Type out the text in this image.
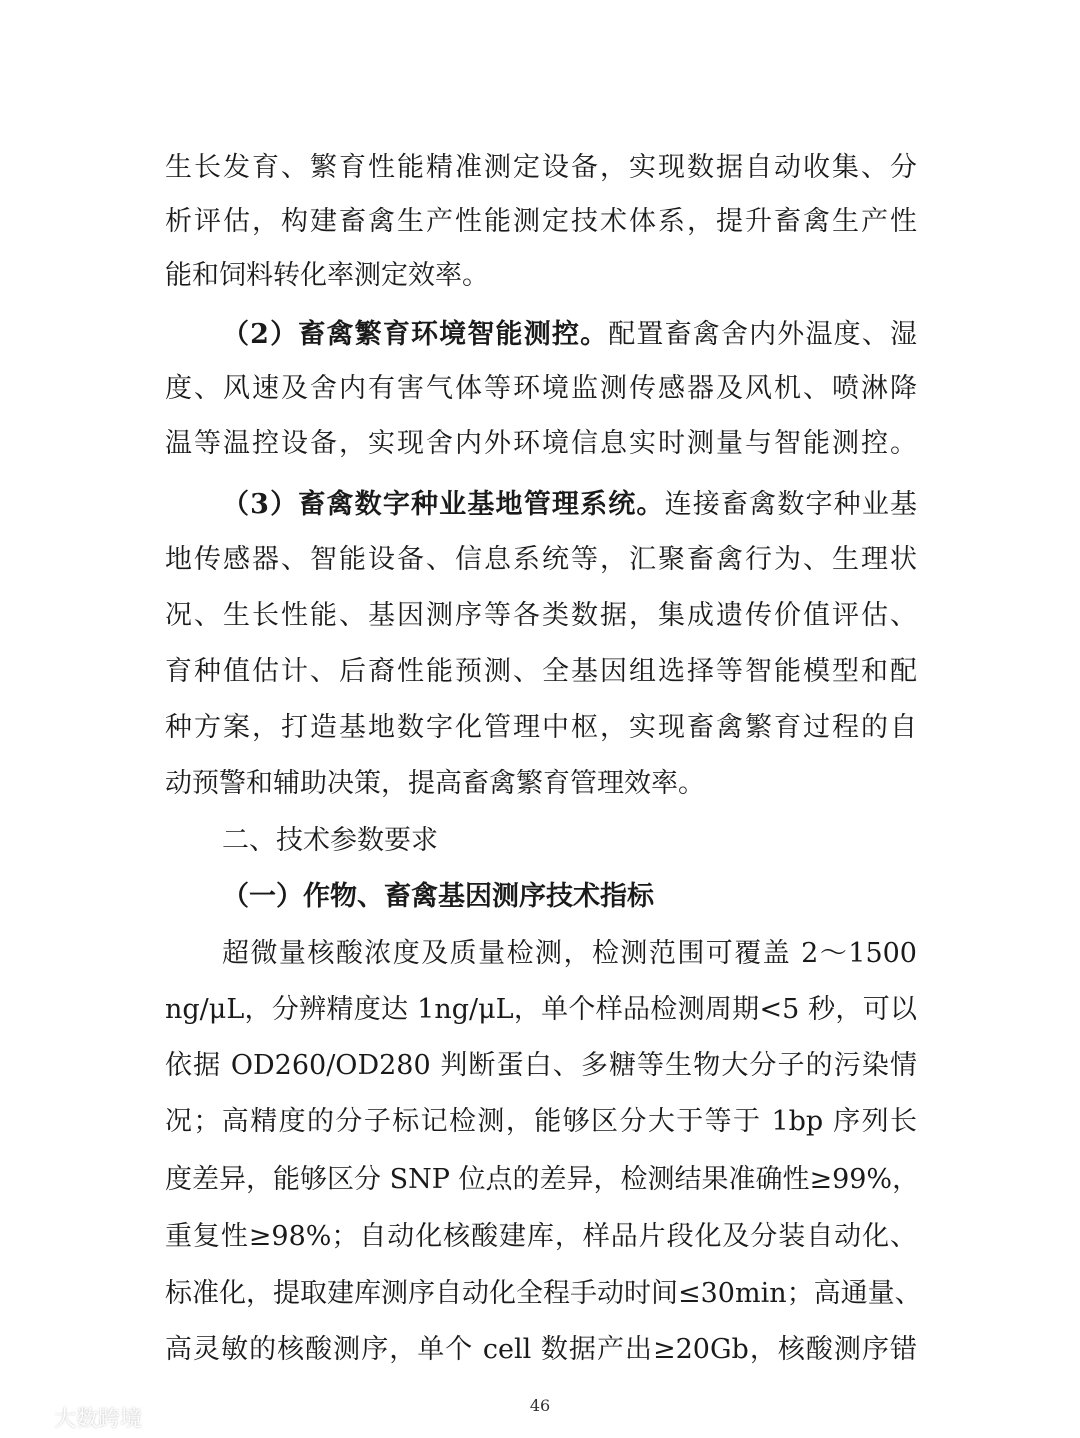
生长发育、繁育性能精准测定设备，实现数据自动收集、分
析评估，构建畜禽生产性能测定技术体系，提升畜禽生产性
能和饲料转化率测定效率。
（2）畜禽繁育环境智能测控。配置畜禽舍内外温度、湿
度、风速及舍内有害气体等环境监测传感器及风机、喷淋降
温等温控设备，实现舍内外环境信息实时测量与智能测控。
（3）畜禽数字种业基地管理系统。连接畜禽数字种业基
地传感器、智能设备、信息系统等，汇聚畜禽行为、生理状
况、生长性能、基因测序等各类数据，集成遗传价值评估、
育种值估计、后裔性能预测、全基因组选择等智能模型和配
种方案，打造基地数字化管理中枢，实现畜禽繁育过程的自
动预警和辅助决策，提高畜禽繁育管理效率。
二、技术参数要求
（一）作物、畜禽基因测序技术指标
超微量核酸浓度及质量检测，检测范围可覆盖 2～1500
ng/μL，分辨精度达 1ng/μL，单个样品检测周期<5 秒，可以
依据 OD260/OD280 判断蛋白、多糖等生物大分子的污染情
况；高精度的分子标记检测，能够区分大于等于 1bp 序列长
度差异，能够区分 SNP 位点的差异，检测结果准确性≥99%，
重复性≥98%；自动化核酸建库，样品片段化及分装自动化、
标准化，提取建库测序自动化全程手动时间≤30min；高通量、
高灵敏的核酸测序，单个 cell 数据产出≥20Gb，核酸测序错
46
大数跨境
